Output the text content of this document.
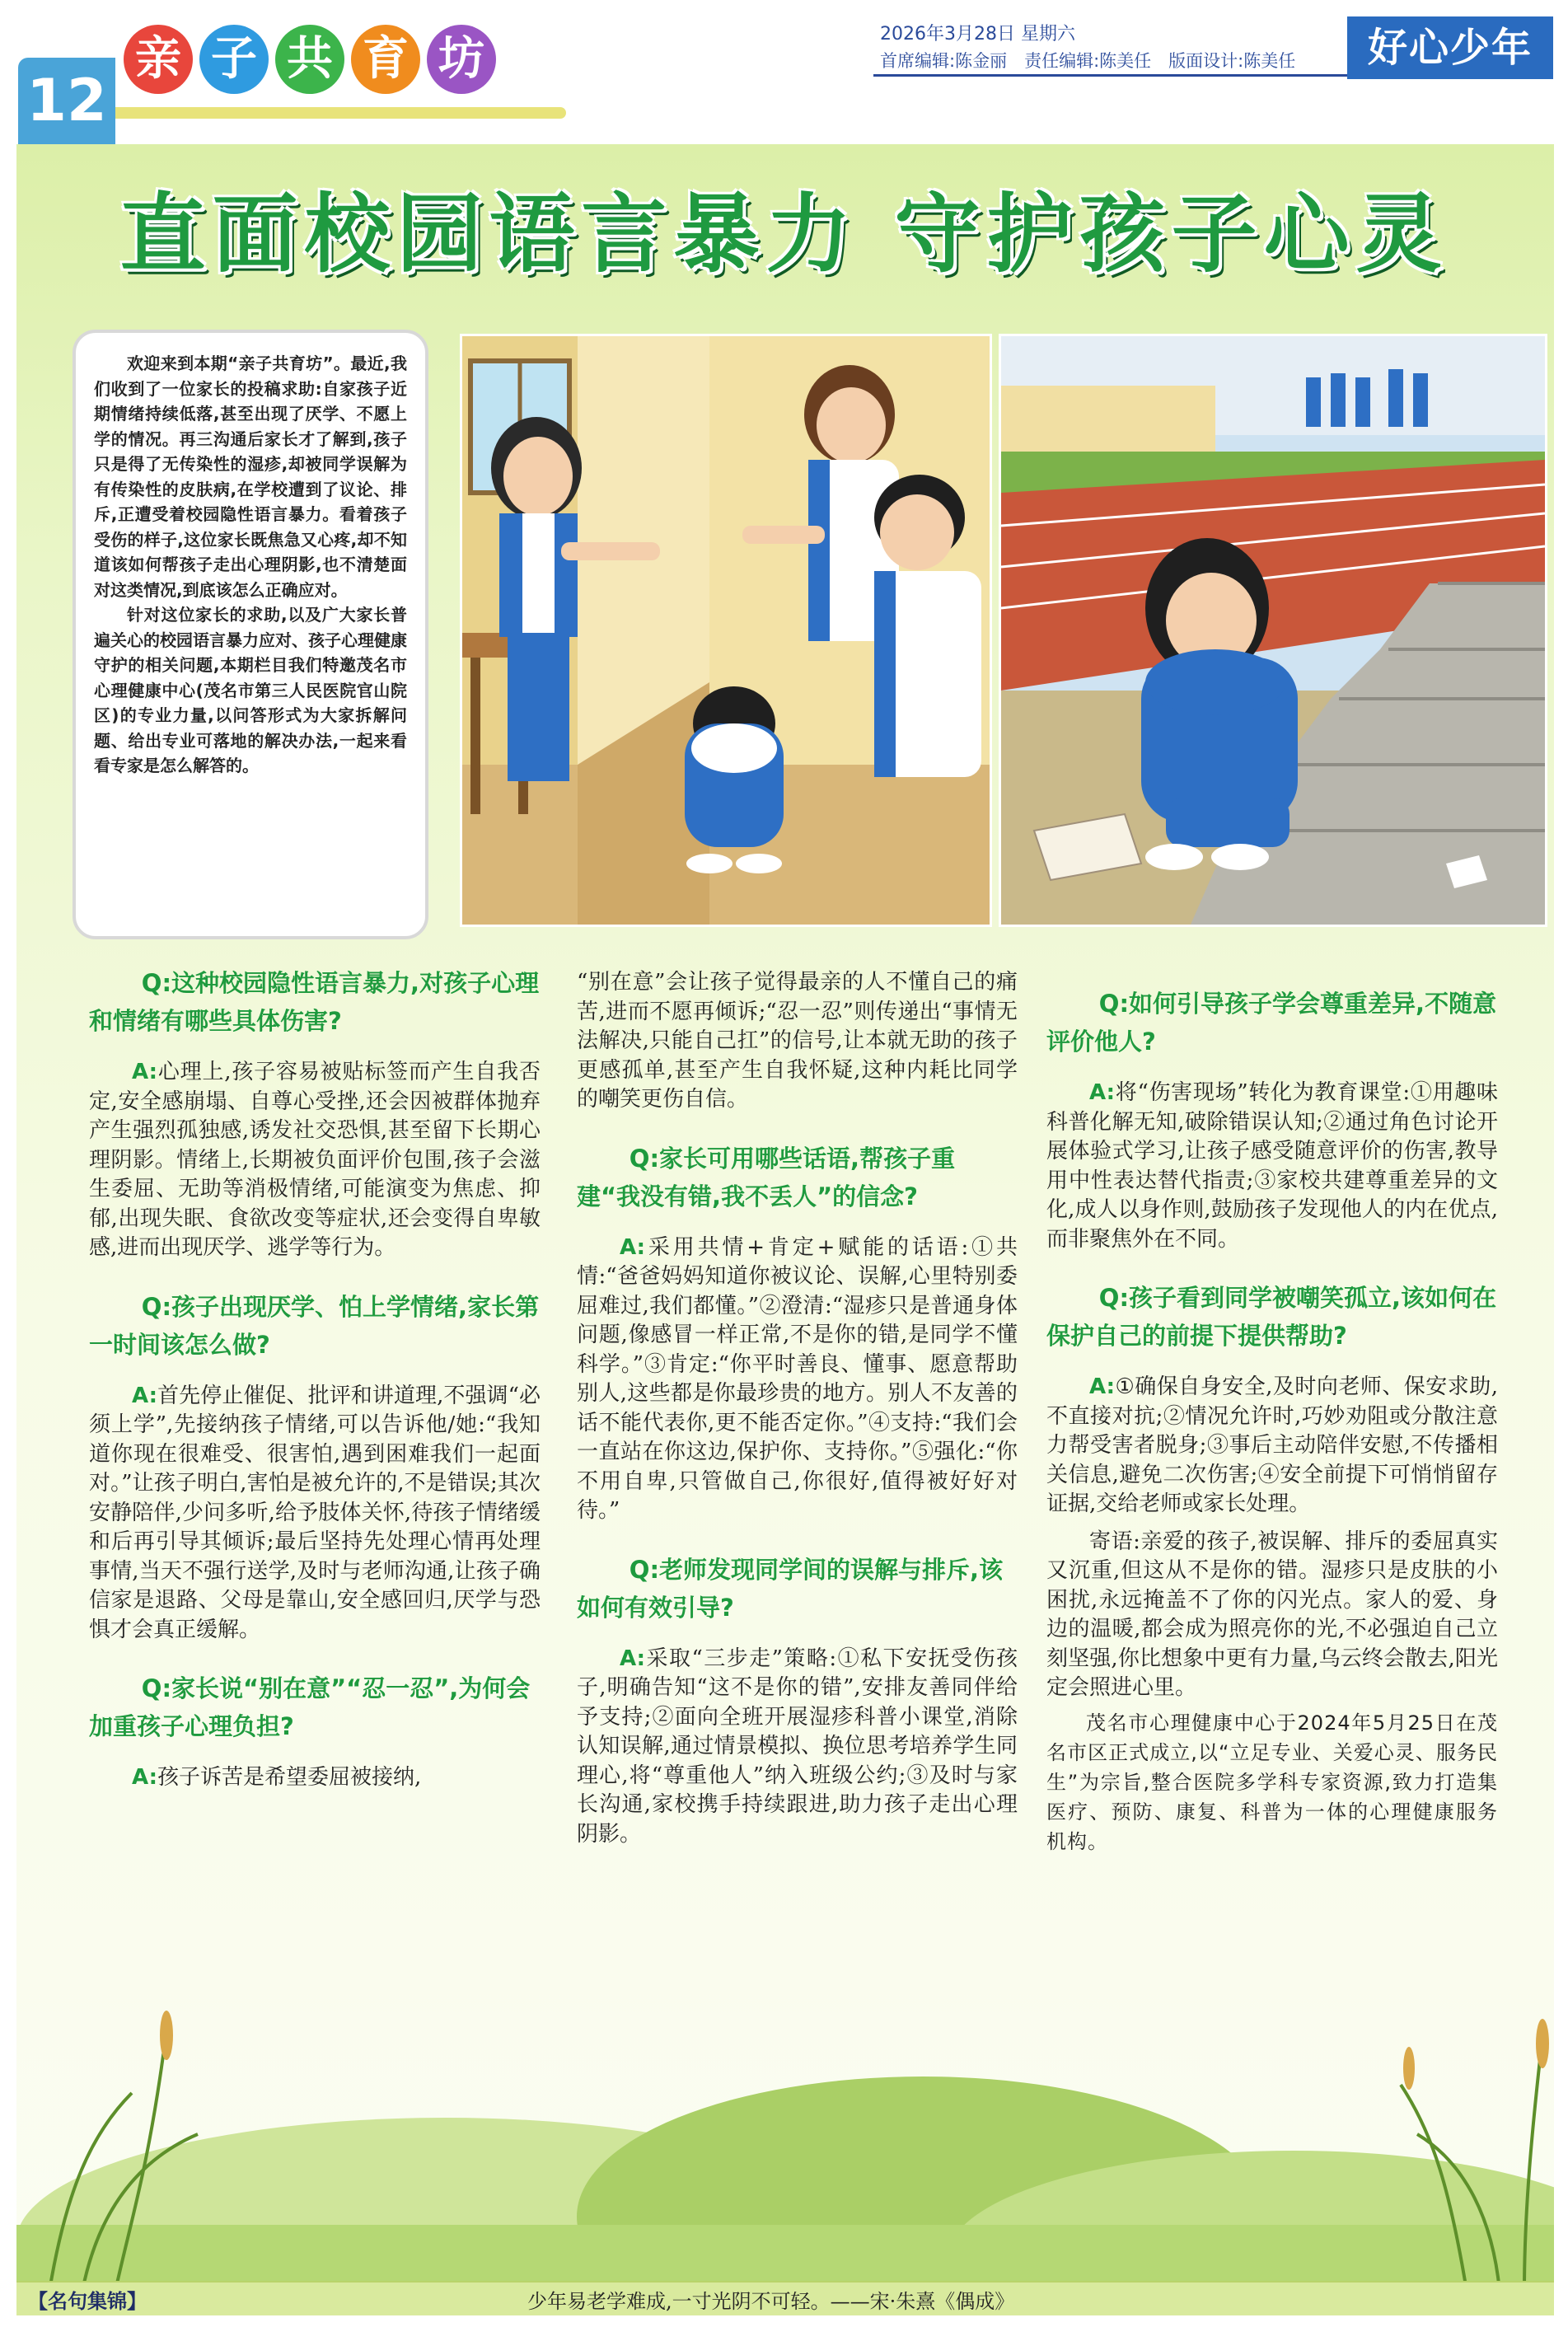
12
亲 子 共 育 坊	2026年3月28日 星期六
首席编辑:陈金丽　责任编辑:陈美任　版面设计:陈美任	好心少年
直面校园语言暴力 守护孩子心灵

欢迎来到本期“亲子共育坊”。最近,我们收到了一位家长的投稿求助:自家孩子近期情绪持续低落,甚至出现了厌学、不愿上学的情况。再三沟通后家长才了解到,孩子只是得了无传染性的湿疹,却被同学误解为有传染性的皮肤病,在学校遭到了议论、排斥,正遭受着校园隐性语言暴力。看着孩子受伤的样子,这位家长既焦急又心疼,却不知道该如何帮孩子走出心理阴影,也不清楚面对这类情况,到底该怎么正确应对。

针对这位家长的求助,以及广大家长普遍关心的校园语言暴力应对、孩子心理健康守护的相关问题,本期栏目我们特邀茂名市心理健康中心(茂名市第三人民医院官山院区)的专业力量,以问答形式为大家拆解问题、给出专业可落地的解决办法,一起来看看专家是怎么解答的。

Q:这种校园隐性语言暴力,对孩子心理和情绪有哪些具体伤害?

A:心理上,孩子容易被贴标签而产生自我否定,安全感崩塌、自尊心受挫,还会因被群体抛弃产生强烈孤独感,诱发社交恐惧,甚至留下长期心理阴影。情绪上,长期被负面评价包围,孩子会滋生委屈、无助等消极情绪,可能演变为焦虑、抑郁,出现失眠、食欲改变等症状,还会变得自卑敏感,进而出现厌学、逃学等行为。

Q:孩子出现厌学、怕上学情绪,家长第一时间该怎么做?

A:首先停止催促、批评和讲道理,不强调“必须上学”,先接纳孩子情绪,可以告诉他/她:“我知道你现在很难受、很害怕,遇到困难我们一起面对。”让孩子明白,害怕是被允许的,不是错误;其次安静陪伴,少问多听,给予肢体关怀,待孩子情绪缓和后再引导其倾诉;最后坚持先处理心情再处理事情,当天不强行送学,及时与老师沟通,让孩子确信家是退路、父母是靠山,安全感回归,厌学与恐惧才会真正缓解。

Q:家长说“别在意”“忍一忍”,为何会加重孩子心理负担?

A:孩子诉苦是希望委屈被接纳,

“别在意”会让孩子觉得最亲的人不懂自己的痛苦,进而不愿再倾诉;“忍一忍”则传递出“事情无法解决,只能自己扛”的信号,让本就无助的孩子更感孤单,甚至产生自我怀疑,这种内耗比同学的嘲笑更伤自信。

Q:家长可用哪些话语,帮孩子重建“我没有错,我不丢人”的信念?

A:采用共情+肯定+赋能的话语:①共情:“爸爸妈妈知道你被议论、误解,心里特别委屈难过,我们都懂。”②澄清:“湿疹只是普通身体问题,像感冒一样正常,不是你的错,是同学不懂科学。”③肯定:“你平时善良、懂事、愿意帮助别人,这些都是你最珍贵的地方。别人不友善的话不能代表你,更不能否定你。”④支持:“我们会一直站在你这边,保护你、支持你。”⑤强化:“你不用自卑,只管做自己,你很好,值得被好好对待。”

Q:老师发现同学间的误解与排斥,该如何有效引导?

A:采取“三步走”策略:①私下安抚受伤孩子,明确告知“这不是你的错”,安排友善同伴给予支持;②面向全班开展湿疹科普小课堂,消除认知误解,通过情景模拟、换位思考培养学生同理心,将“尊重他人”纳入班级公约;③及时与家长沟通,家校携手持续跟进,助力孩子走出心理阴影。

Q:如何引导孩子学会尊重差异,不随意评价他人?

A:将“伤害现场”转化为教育课堂:①用趣味科普化解无知,破除错误认知;②通过角色讨论开展体验式学习,让孩子感受随意评价的伤害,教导用中性表达替代指责;③家校共建尊重差异的文化,成人以身作则,鼓励孩子发现他人的内在优点,而非聚焦外在不同。

Q:孩子看到同学被嘲笑孤立,该如何在保护自己的前提下提供帮助?

A:①确保自身安全,及时向老师、保安求助,不直接对抗;②情况允许时,巧妙劝阻或分散注意力帮受害者脱身;③事后主动陪伴安慰,不传播相关信息,避免二次伤害;④安全前提下可悄悄留存证据,交给老师或家长处理。

寄语:亲爱的孩子,被误解、排斥的委屈真实又沉重,但这从不是你的错。湿疹只是皮肤的小困扰,永远掩盖不了你的闪光点。家人的爱、身边的温暖,都会成为照亮你的光,不必强迫自己立刻坚强,你比想象中更有力量,乌云终会散去,阳光定会照进心里。

茂名市心理健康中心于2024年5月25日在茂名市区正式成立,以“立足专业、关爱心灵、服务民生”为宗旨,整合医院多学科专家资源,致力打造集医疗、预防、康复、科普为一体的心理健康服务机构。

【名句集锦】	少年易老学难成,一寸光阴不可轻。——宋·朱熹《偶成》
